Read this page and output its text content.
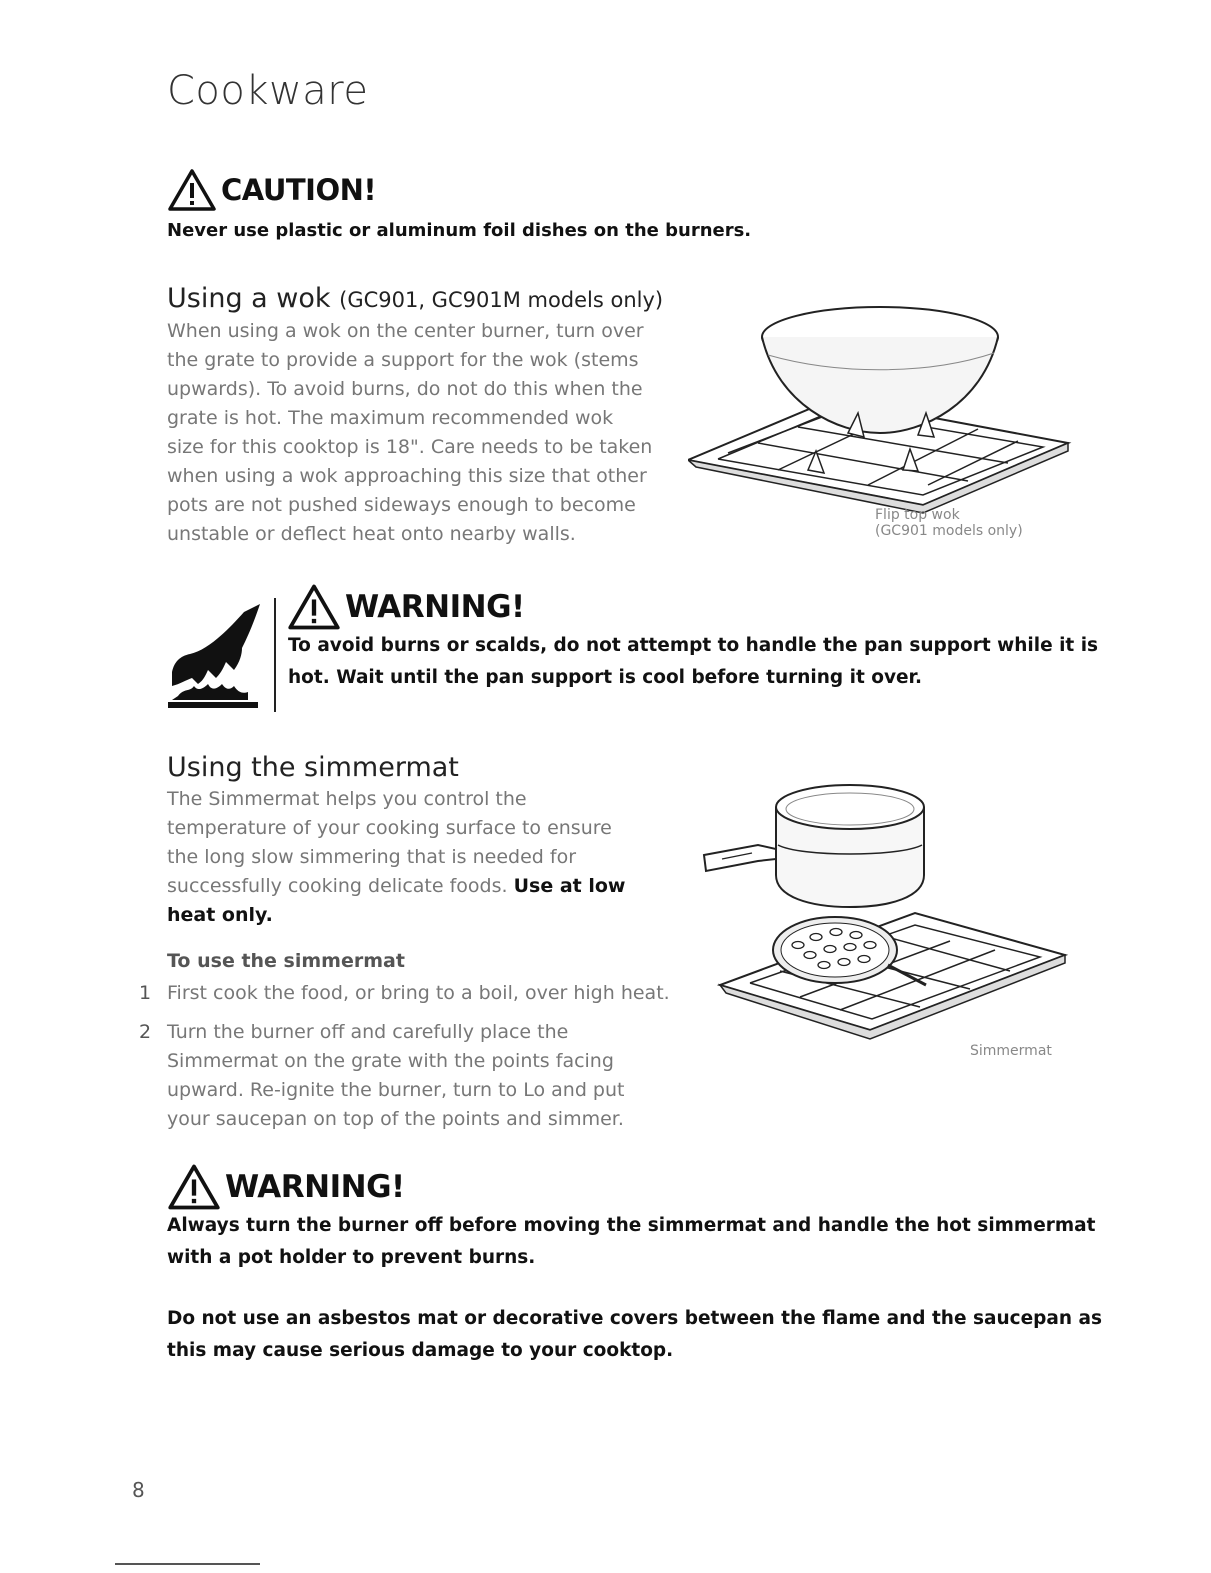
Cookware
CAUTION!
Never use plastic or aluminum foil dishes on the burners.
Using a wok (GC901, GC901M models only)
When using a wok on the center burner, turn over
the grate to provide a support for the wok (stems
upwards). To avoid burns, do not do this when the
grate is hot. The maximum recommended wok
size for this cooktop is 18". Care needs to be taken
when using a wok approaching this size that other
pots are not pushed sideways enough to become
unstable or deflect heat onto nearby walls.
Flip top wok
(GC901 models only)
WARNING!
To avoid burns or scalds, do not attempt to handle the pan support while it is
hot. Wait until the pan support is cool before turning it over.
Using the simmermat
The Simmermat helps you control the
temperature of your cooking surface to ensure
the long slow simmering that is needed for
successfully cooking delicate foods. Use at low
heat only.
To use the simmermat
1 First cook the food, or bring to a boil, over high heat.
2 Turn the burner off and carefully place the
Simmermat on the grate with the points facing
upward. Re-ignite the burner, turn to Lo and put
your saucepan on top of the points and simmer.
Simmermat
WARNING!
Always turn the burner off before moving the simmermat and handle the hot simmermat
with a pot holder to prevent burns.
Do not use an asbestos mat or decorative covers between the flame and the saucepan as
this may cause serious damage to your cooktop.
8
